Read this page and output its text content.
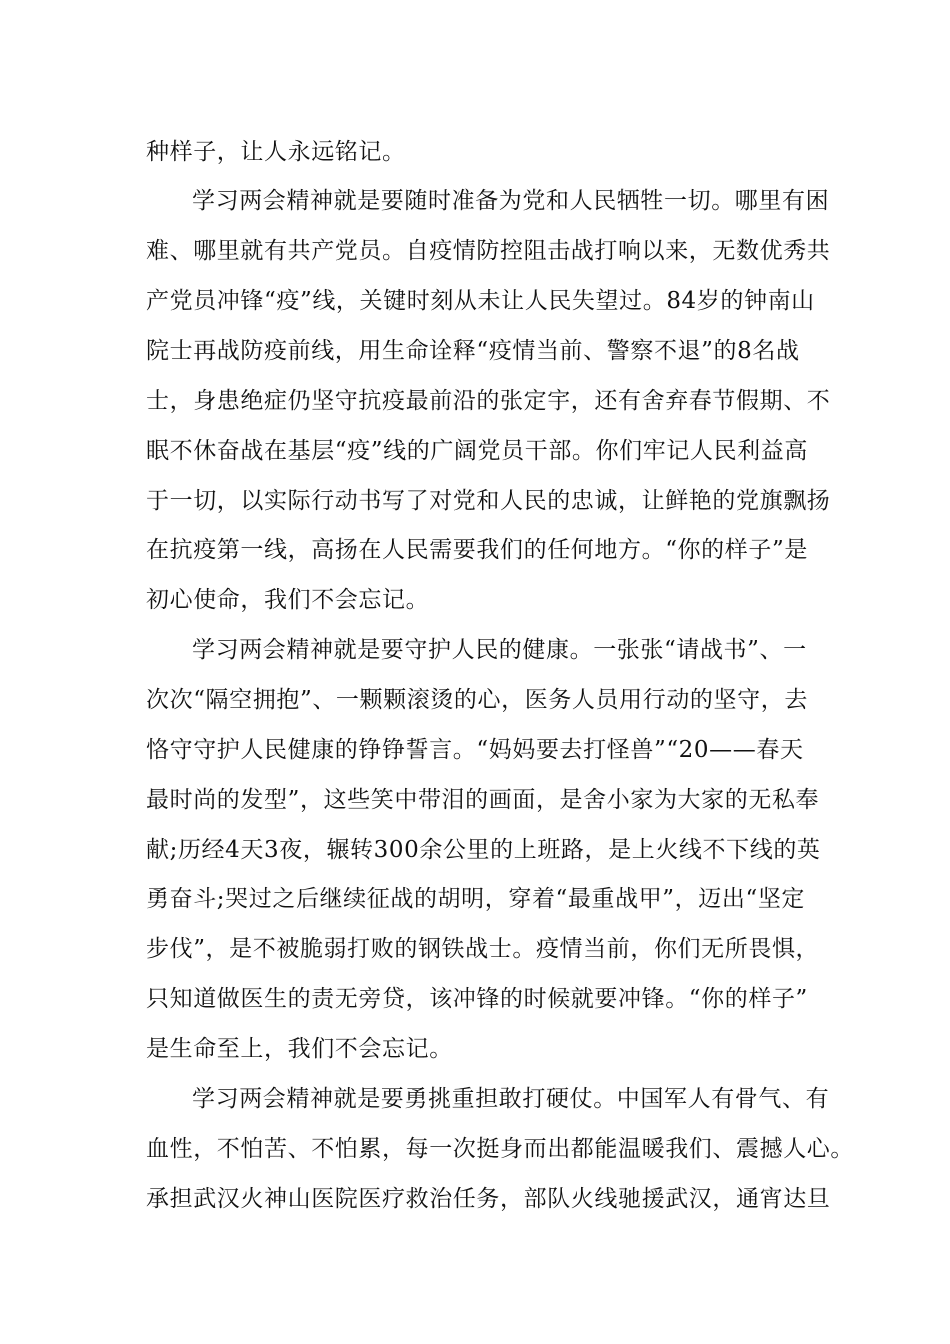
种样子，让人永远铭记。
学习两会精神就是要随时准备为党和人民牺牲一切。哪里有困
难、哪里就有共产党员。自疫情防控阻击战打响以来，无数优秀共
产党员冲锋“疫”线，关键时刻从未让人民失望过。84岁的钟南山
院士再战防疫前线，用生命诠释“疫情当前、警察不退”的8名战
士，身患绝症仍坚守抗疫最前沿的张定宇，还有舍弃春节假期、不
眠不休奋战在基层“疫”线的广阔党员干部。你们牢记人民利益高
于一切，以实际行动书写了对党和人民的忠诚，让鲜艳的党旗飘扬
在抗疫第一线，高扬在人民需要我们的任何地方。“你的样子”是
初心使命，我们不会忘记。
学习两会精神就是要守护人民的健康。一张张“请战书”、一
次次“隔空拥抱”、一颗颗滚烫的心，医务人员用行动的坚守，去
恪守守护人民健康的铮铮誓言。“妈妈要去打怪兽”“20——春天
最时尚的发型”，这些笑中带泪的画面，是舍小家为大家的无私奉
献;历经4天3夜，辗转300余公里的上班路，是上火线不下线的英
勇奋斗;哭过之后继续征战的胡明，穿着“最重战甲”，迈出“坚定
步伐”，是不被脆弱打败的钢铁战士。疫情当前，你们无所畏惧，
只知道做医生的责无旁贷，该冲锋的时候就要冲锋。“你的样子”
是生命至上，我们不会忘记。
学习两会精神就是要勇挑重担敢打硬仗。中国军人有骨气、有
血性，不怕苦、不怕累，每一次挺身而出都能温暖我们、震撼人心。
承担武汉火神山医院医疗救治任务，部队火线驰援武汉，通宵达旦
